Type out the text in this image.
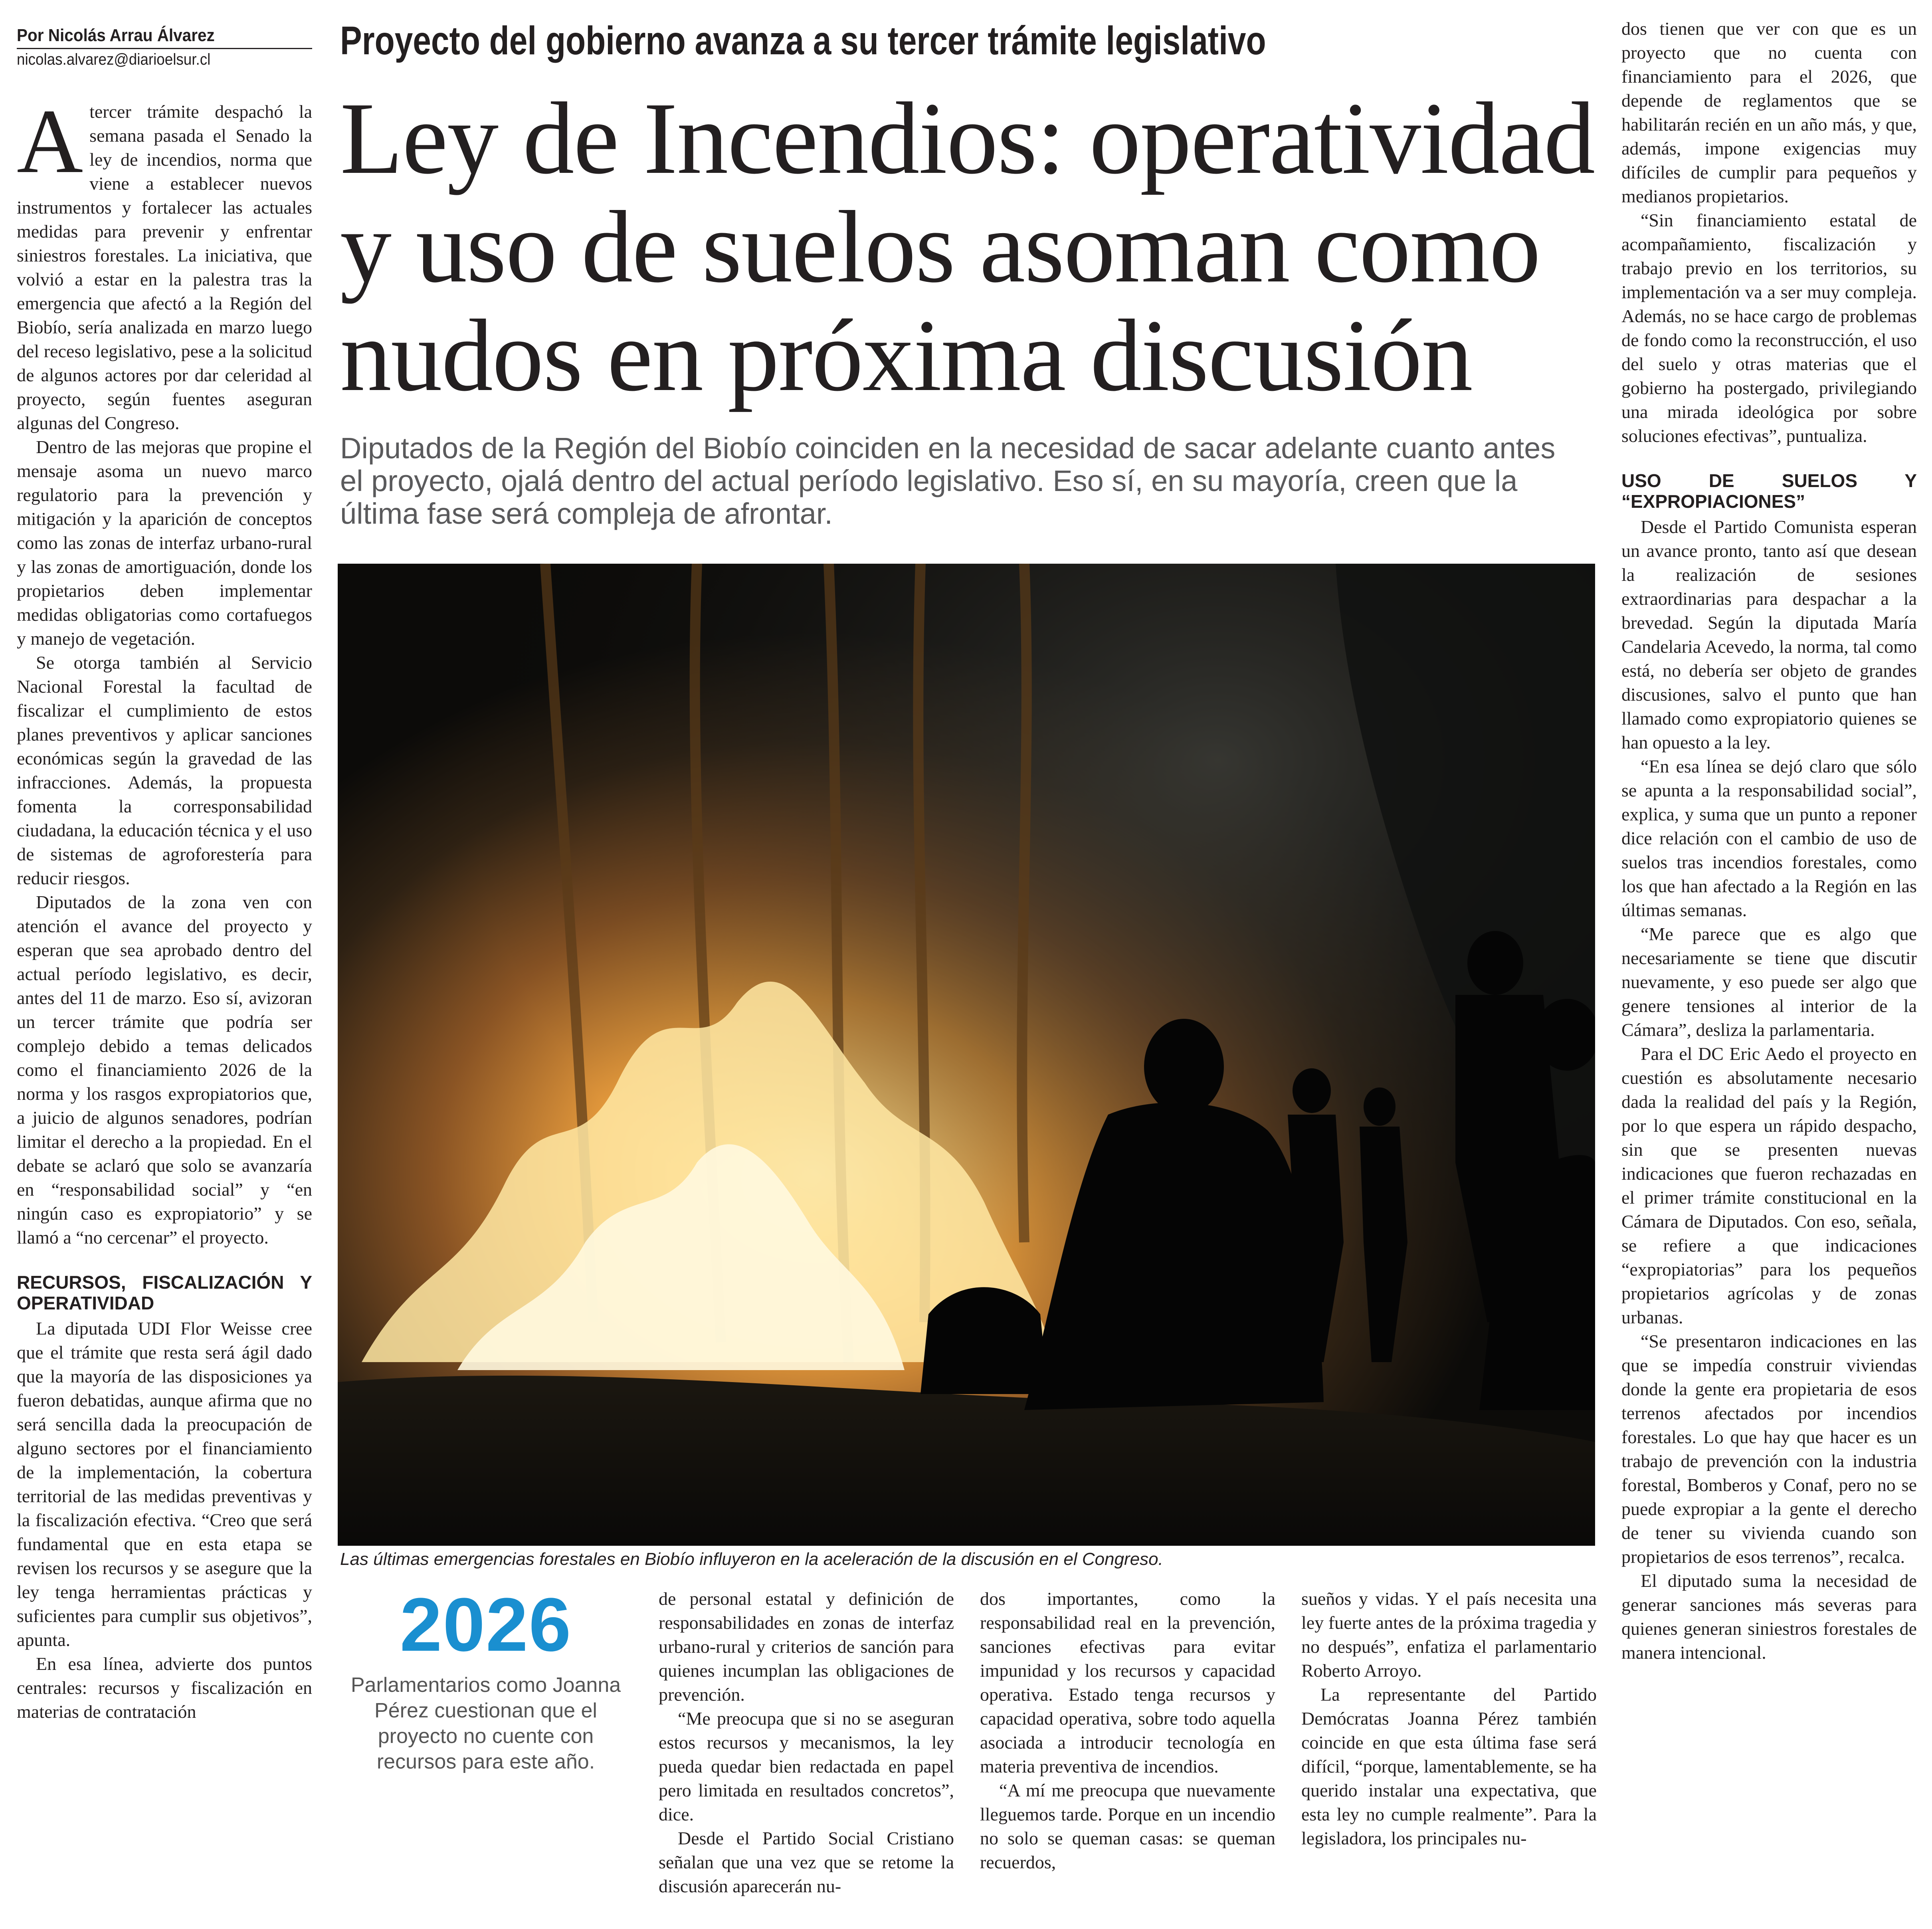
Por Nicolás Arrau Álvarez
nicolas.alvarez@diarioelsur.cl	Proyecto del gobierno avanza a su tercer trámite legislativo
Ley de Incendios: operatividad y uso de suelos asoman como nudos en próxima discusión
Diputados de la Región del Biobío coinciden en la necesidad de sacar adelante cuanto antes el proyecto, ojalá dentro del actual período legislativo. Eso sí, en su mayoría, creen que la última fase será compleja de afrontar.
Las últimas emergencias forestales en Biobío influyeron en la aceleración de la discusión en el Congreso.
2026
Parlamentarios como Joanna Pérez cuestionan que el proyecto no cuente con recursos para este año.

Atercer trámite despachó la semana pasada el Senado la ley de incendios, norma que viene a establecer nuevos instrumentos y fortalecer las actuales medidas para prevenir y enfrentar siniestros forestales. La iniciativa, que volvió a estar en la palestra tras la emergencia que afectó a la Región del Biobío, sería analizada en marzo luego del receso legislativo, pese a la solicitud de algunos actores por dar celeridad al proyecto, según fuentes aseguran algunas del Congreso.

Dentro de las mejoras que propine el mensaje asoma un nuevo marco regulatorio para la prevención y mitigación y la aparición de conceptos como las zonas de interfaz urbano-rural y las zonas de amortiguación, donde los propietarios deben implementar medidas obligatorias como cortafuegos y manejo de vegetación.

Se otorga también al Servicio Nacional Forestal la facultad de fiscalizar el cumplimiento de estos planes preventivos y aplicar sanciones económicas según la gravedad de las infracciones. Además, la propuesta fomenta la corresponsabilidad ciudadana, la educación técnica y el uso de sistemas de agroforestería para reducir riesgos.

Diputados de la zona ven con atención el avance del proyecto y esperan que sea aprobado dentro del actual período legislativo, es decir, antes del 11 de marzo. Eso sí, avizoran un tercer trámite que podría ser complejo debido a temas delicados como el financiamiento 2026 de la norma y los rasgos expropiatorios que, a juicio de algunos senadores, podrían limitar el derecho a la propiedad. En el debate se aclaró que solo se avanzaría en “responsabilidad social” y “en ningún caso es expropiatorio” y se llamó a “no cercenar” el proyecto.

RECURSOS, FISCALIZACIÓN Y OPERATIVIDAD

La diputada UDI Flor Weisse cree que el trámite que resta será ágil dado que la mayoría de las disposiciones ya fueron debatidas, aunque afirma que no será sencilla dada la preocupación de alguno sectores por el financiamiento de la implementación, la cobertura territorial de las medidas preventivas y la fiscalización efectiva. “Creo que será fundamental que en esta etapa se revisen los recursos y se asegure que la ley tenga herramientas prácticas y suficientes para cumplir sus objetivos”, apunta.

En esa línea, advierte dos puntos centrales: recursos y fiscalización en materias de contratación

de personal estatal y definición de responsabilidades en zonas de interfaz urbano-rural y criterios de sanción para quienes incumplan las obligaciones de prevención.

“Me preocupa que si no se aseguran estos recursos y mecanismos, la ley pueda quedar bien redactada en papel pero limitada en resultados concretos”, dice.

Desde el Partido Social Cristiano señalan que una vez que se retome la discusión aparecerán nu-

dos importantes, como la responsabilidad real en la prevención, sanciones efectivas para evitar impunidad y los recursos y capacidad operativa. Estado tenga recursos y capacidad operativa, sobre todo aquella asociada a introducir tecnología en materia preventiva de incendios.

“A mí me preocupa que nuevamente lleguemos tarde. Porque en un incendio no solo se queman casas: se queman recuerdos,

sueños y vidas. Y el país necesita una ley fuerte antes de la próxima tragedia y no después”, enfatiza el parlamentario Roberto Arroyo.

La representante del Partido Demócratas Joanna Pérez también coincide en que esta última fase será difícil, “porque, lamentablemente, se ha querido instalar una expectativa, que esta ley no cumple realmente”. Para la legisladora, los principales nu-

dos tienen que ver con que es un proyecto que no cuenta con financiamiento para el 2026, que depende de reglamentos que se habilitarán recién en un año más, y que, además, impone exigencias muy difíciles de cumplir para pequeños y medianos propietarios.

“Sin financiamiento estatal de acompañamiento, fiscalización y trabajo previo en los territorios, su implementación va a ser muy compleja. Además, no se hace cargo de problemas de fondo como la reconstrucción, el uso del suelo y otras materias que el gobierno ha postergado, privilegiando una mirada ideológica por sobre soluciones efectivas”, puntualiza.

USO DE SUELOS Y “EXPROPIACIONES”

Desde el Partido Comunista esperan un avance pronto, tanto así que desean la realización de sesiones extraordinarias para despachar a la brevedad. Según la diputada María Candelaria Acevedo, la norma, tal como está, no debería ser objeto de grandes discusiones, salvo el punto que han llamado como expropiatorio quienes se han opuesto a la ley.

“En esa línea se dejó claro que sólo se apunta a la responsabilidad social”, explica, y suma que un punto a reponer dice relación con el cambio de uso de suelos tras incendios forestales, como los que han afectado a la Región en las últimas semanas.

“Me parece que es algo que necesariamente se tiene que discutir nuevamente, y eso puede ser algo que genere tensiones al interior de la Cámara”, desliza la parlamentaria.

Para el DC Eric Aedo el proyecto en cuestión es absolutamente necesario dada la realidad del país y la Región, por lo que espera un rápido despacho, sin que se presenten nuevas indicaciones que fueron rechazadas en el primer trámite constitucional en la Cámara de Diputados. Con eso, señala, se refiere a que indicaciones “expropiatorias” para los pequeños propietarios agrícolas y de zonas urbanas.

“Se presentaron indicaciones en las que se impedía construir viviendas donde la gente era propietaria de esos terrenos afectados por incendios forestales. Lo que hay que hacer es un trabajo de prevención con la industria forestal, Bomberos y Conaf, pero no se puede expropiar a la gente el derecho de tener su vivienda cuando son propietarios de esos terrenos”, recalca.

El diputado suma la necesidad de generar sanciones más severas para quienes generan siniestros forestales de manera intencional.
